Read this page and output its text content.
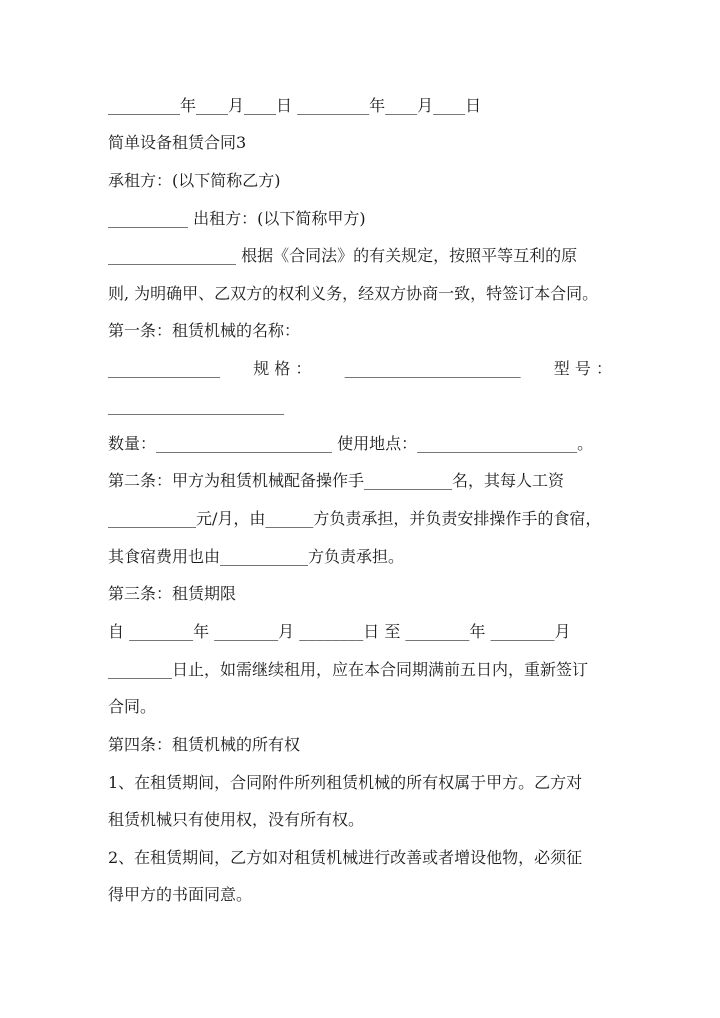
_________年____月____日 _________年____月____日
简单设备租赁合同3
承租方：(以下简称乙方)
__________ 出租方：(以下简称甲方)
________________ 根据《合同法》的有关规定，按照平等互利的原
则, 为明确甲、乙双方的权利义务，经双方协商一致，特签订本合同。
第一条：租赁机械的名称：
______________ 规 格 ： ______________________ 型 号 ：
______________________
数量：______________________ 使用地点：____________________。
第二条：甲方为租赁机械配备操作手___________名，其每人工资
___________元/月，由______方负责承担，并负责安排操作手的食宿，
其食宿费用也由___________方负责承担。
第三条：租赁期限
自 ________年 ________月 ________日 至 ________年 ________月
________日止，如需继续租用，应在本合同期满前五日内，重新签订
合同。
第四条：租赁机械的所有权
1、在租赁期间，合同附件所列租赁机械的所有权属于甲方。乙方对
租赁机械只有使用权，没有所有权。
2、在租赁期间，乙方如对租赁机械进行改善或者增设他物，必须征
得甲方的书面同意。
